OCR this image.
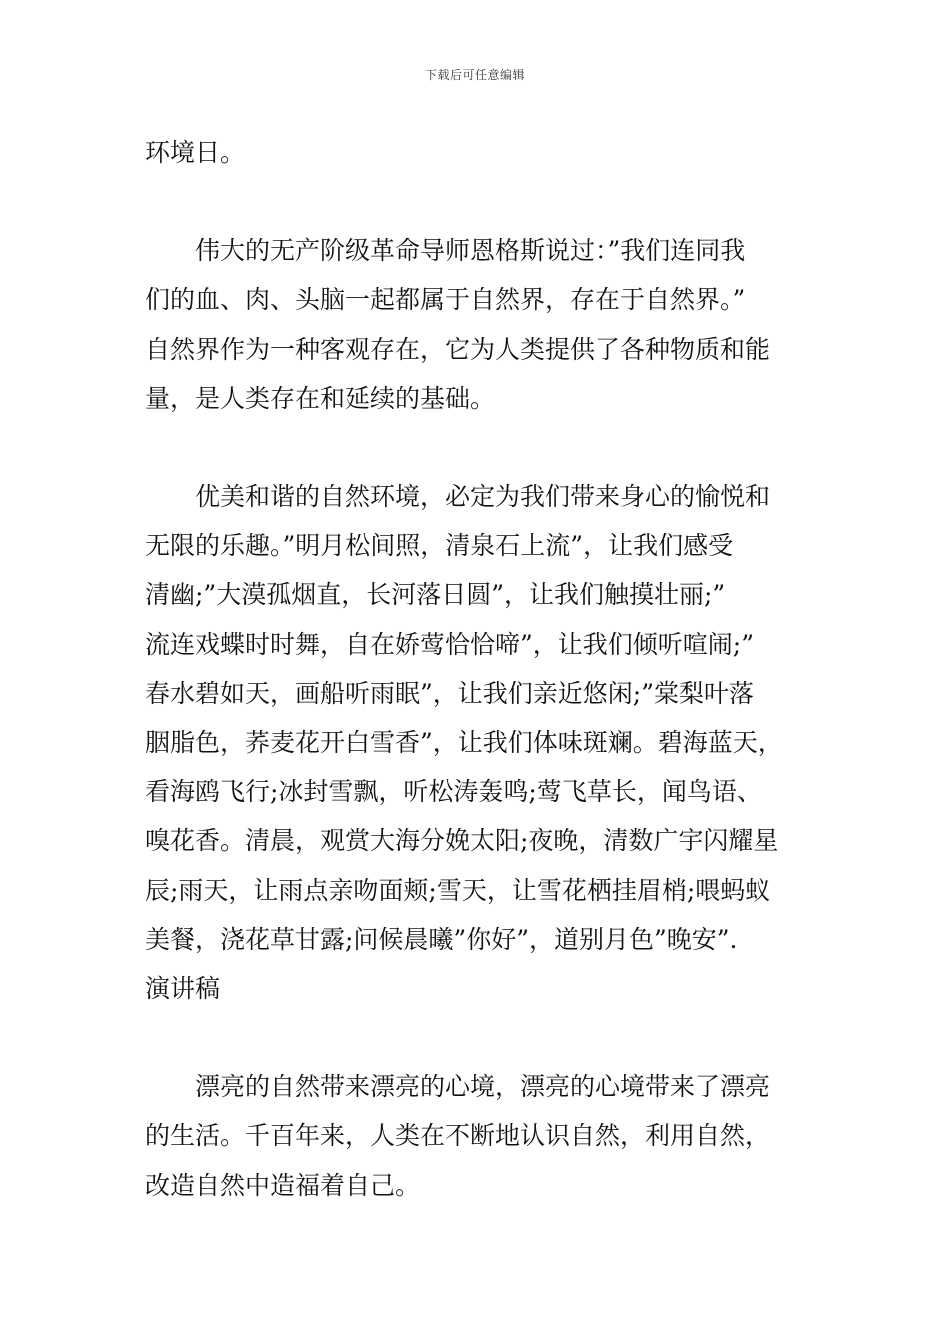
下载后可任意编辑

环境日。

伟大的无产阶级革命导师恩格斯说过：”我们连同我
们的血、肉、头脑一起都属于自然界，存在于自然界。”
自然界作为一种客观存在，它为人类提供了各种物质和能
量，是人类存在和延续的基础。

优美和谐的自然环境，必定为我们带来身心的愉悦和
无限的乐趣。”明月松间照，清泉石上流”，让我们感受
清幽;”大漠孤烟直，长河落日圆”，让我们触摸壮丽;”
流连戏蝶时时舞，自在娇莺恰恰啼”，让我们倾听喧闹;”
春水碧如天，画船听雨眠”，让我们亲近悠闲;”棠梨叶落
胭脂色，荞麦花开白雪香”，让我们体味斑斓。碧海蓝天，
看海鸥飞行;冰封雪飘，听松涛轰鸣;莺飞草长，闻鸟语、
嗅花香。清晨，观赏大海分娩太阳;夜晚，清数广宇闪耀星
辰;雨天，让雨点亲吻面颊;雪天，让雪花栖挂眉梢;喂蚂蚁
美餐，浇花草甘露;问候晨曦”你好”，道别月色”晚安”.
演讲稿

漂亮的自然带来漂亮的心境，漂亮的心境带来了漂亮
的生活。千百年来，人类在不断地认识自然，利用自然，
改造自然中造福着自己。
